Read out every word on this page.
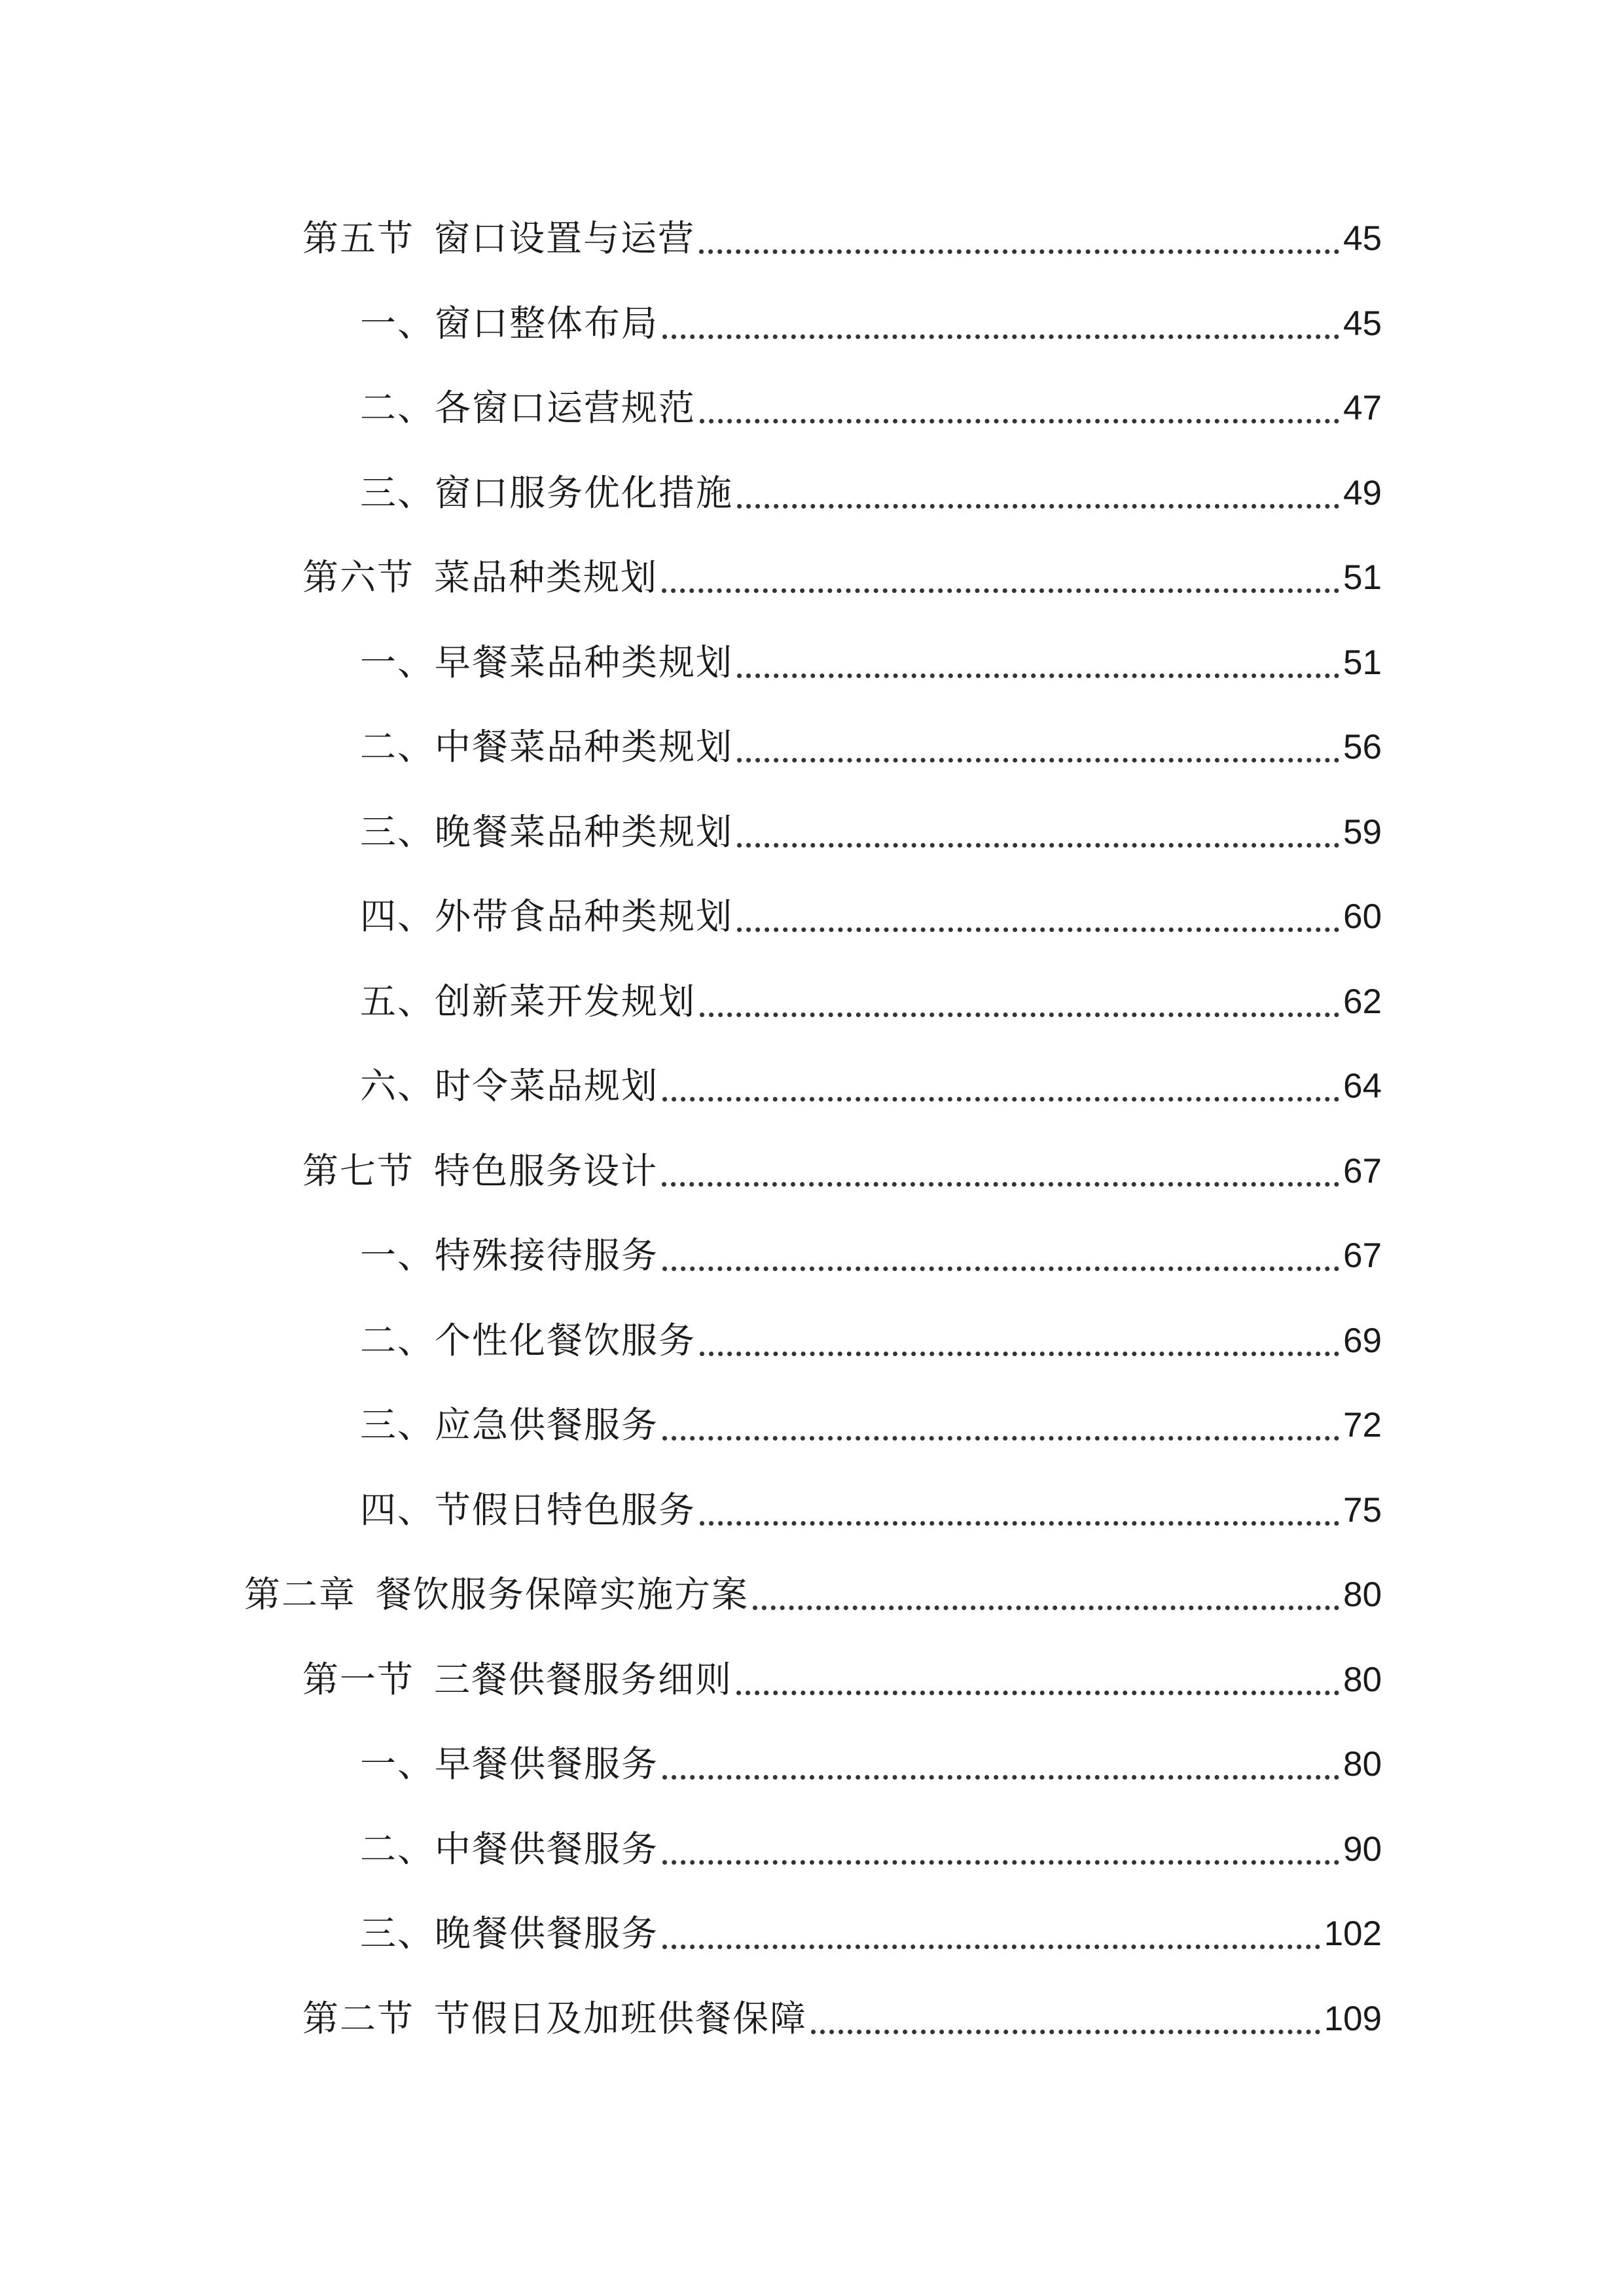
第五节 窗口设置与运营	45
一、窗口整体布局	45
二、各窗口运营规范	47
三、窗口服务优化措施	49
第六节 菜品种类规划	51
一、早餐菜品种类规划	51
二、中餐菜品种类规划	56
三、晚餐菜品种类规划	59
四、外带食品种类规划	60
五、创新菜开发规划	62
六、时令菜品规划	64
第七节 特色服务设计	67
一、特殊接待服务	67
二、个性化餐饮服务	69
三、应急供餐服务	72
四、节假日特色服务	75
第二章 餐饮服务保障实施方案	80
第一节 三餐供餐服务细则	80
一、早餐供餐服务	80
二、中餐供餐服务	90
三、晚餐供餐服务	102
第二节 节假日及加班供餐保障	109
